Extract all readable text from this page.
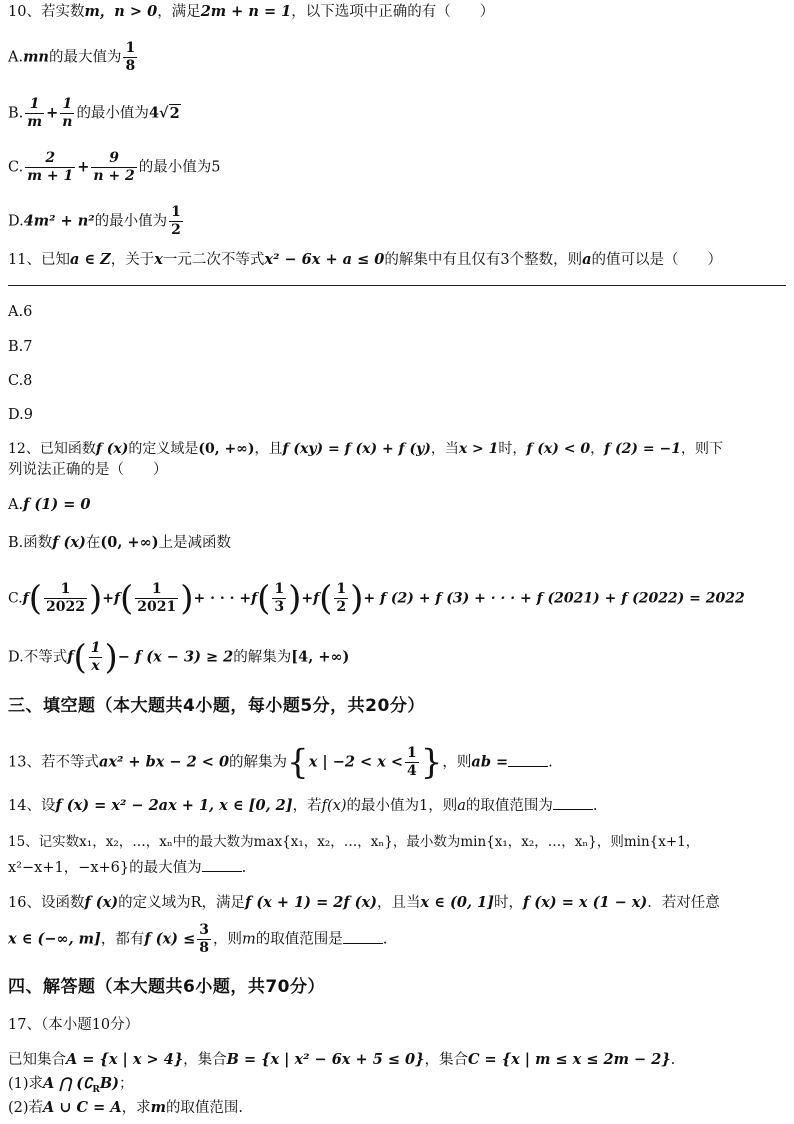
10、若实数m，n > 0，满足2m + n = 1，以下选项中正确的有（　　）
A.mn的最大值为 $\frac{1}{8}$
B. $\frac{1}{m} + \frac{1}{n}$ 的最小值为4√2
C. $\frac{2}{m + 1} + \frac{9}{n + 2}$ 的最小值为5
D.4m² + n²的最小值为 $\frac{1}{2}$
11、已知a ∈ Z，关于x一元二次不等式x² − 6x + a ≤ 0的解集中有且仅有3个整数，则a的值可以是（　　）
A.6
B.7
C.8
D.9
12、已知函数f (x)的定义域是(0, +∞)，且f (xy) = f (x) + f (y)，当x > 1时，f (x) < 0，f (2) = −1，则下
列说法正确的是（　　）
A.f (1) = 0
B.函数f (x)在(0, +∞)上是减函数
$C.f( \frac{1}{2022} )+f( \frac{1}{2021}$ )+ · · · $+f( \frac{1}{3} )+f( \frac{1}{2}$ )+ f (2) + f (3) + · · · + f (2021) + f (2022) = 2022
D.不等式$f( \frac{1}{x}$ )− f (x − 3) ≥ 2的解集为[4, +∞)
三、填空题（本大题共4小题，每小题5分，共20分）
13、若不等式ax² + bx − 2 < 0的解集为{x | $-2 < x < \frac{1}{4}$ }，则ab =	.
14、设f (x) = x² − 2ax + 1, x ∈ [0, 2]，若f(x)的最小值为1，则a的取值范围为	.
15、记实数x₁，x₂，…，xₙ中的最大数为max{x₁，x₂，…，xₙ}，最小数为min{x₁，x₂，…，xₙ}，则min{x+1，
x²−x+1，−x+6}的最大值为	.
16、设函数f (x)的定义域为R，满足f (x + 1) = 2f (x)，且当x ∈ (0, 1]时，f (x) = x (1 − x)．若对任意
x ∈ (−∞, m]，都有f $(x) \le \frac{3}{8}$ ，则m的取值范围是	.
四、解答题（本大题共6小题，共70分）
17、（本小题10分）
已知集合A = {x | x > 4}，集合B = {x | x² − 6x + 5 ≤ 0}，集合C = {x | m ≤ x ≤ 2m − 2}.
(1)求A ⋂ $(∁_RB)$；
(2)若A ∪ C = A，求m的取值范围.
